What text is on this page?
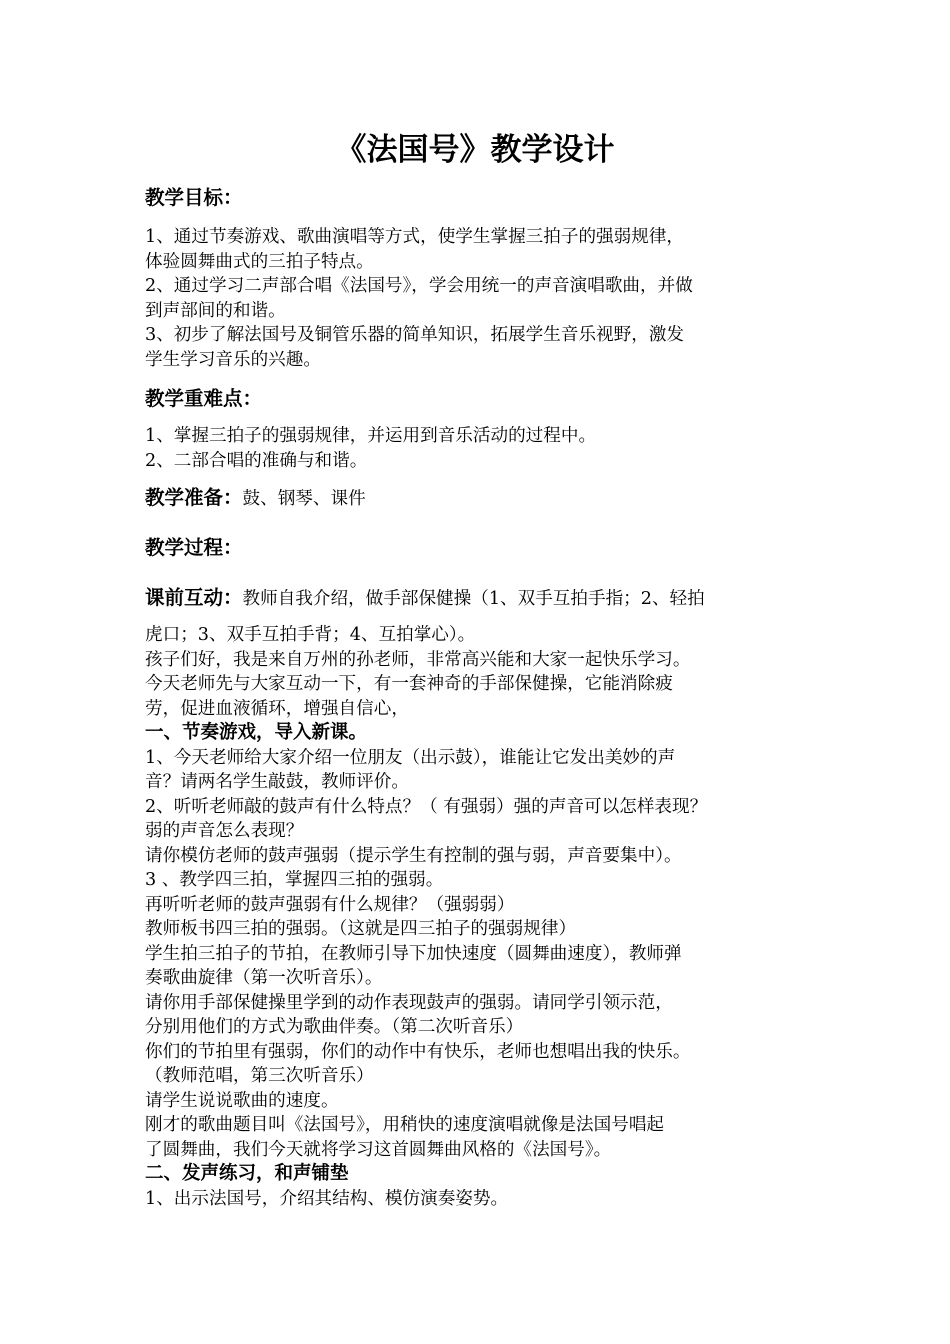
《法国号》教学设计

教学目标：

1、通过节奏游戏、歌曲演唱等方式，使学生掌握三拍子的强弱规律，

体验圆舞曲式的三拍子特点。

2、通过学习二声部合唱《法国号》，学会用统一的声音演唱歌曲，并做

到声部间的和谐。

3、初步了解法国号及铜管乐器的简单知识，拓展学生音乐视野，激发

学生学习音乐的兴趣。

教学重难点：

1、掌握三拍子的强弱规律，并运用到音乐活动的过程中。

2、二部合唱的准确与和谐。

教学准备：鼓、钢琴、课件

教学过程：

课前互动：教师自我介绍，做手部保健操（1、双手互拍手指；2、轻拍

虎口；3、双手互拍手背；4、互拍掌心）。

孩子们好，我是来自万州的孙老师，非常高兴能和大家一起快乐学习。

今天老师先与大家互动一下，有一套神奇的手部保健操，它能消除疲

劳，促进血液循环，增强自信心，

一、节奏游戏，导入新课。

1、今天老师给大家介绍一位朋友（出示鼓），谁能让它发出美妙的声

音？请两名学生敲鼓，教师评价。

2、听听老师敲的鼓声有什么特点？（ 有强弱）强的声音可以怎样表现？

弱的声音怎么表现？

请你模仿老师的鼓声强弱（提示学生有控制的强与弱，声音要集中）。

3 、教学四三拍，掌握四三拍的强弱。

再听听老师的鼓声强弱有什么规律？（强弱弱）

教师板书四三拍的强弱。（这就是四三拍子的强弱规律）

学生拍三拍子的节拍，在教师引导下加快速度（圆舞曲速度），教师弹

奏歌曲旋律（第一次听音乐）。

请你用手部保健操里学到的动作表现鼓声的强弱。请同学引领示范，

分别用他们的方式为歌曲伴奏。（第二次听音乐）

你们的节拍里有强弱，你们的动作中有快乐，老师也想唱出我的快乐。

（教师范唱，第三次听音乐）

请学生说说歌曲的速度。

刚才的歌曲题目叫《法国号》，用稍快的速度演唱就像是法国号唱起

了圆舞曲，我们今天就将学习这首圆舞曲风格的《法国号》。

二、发声练习，和声铺垫

1、出示法国号，介绍其结构、模仿演奏姿势。
